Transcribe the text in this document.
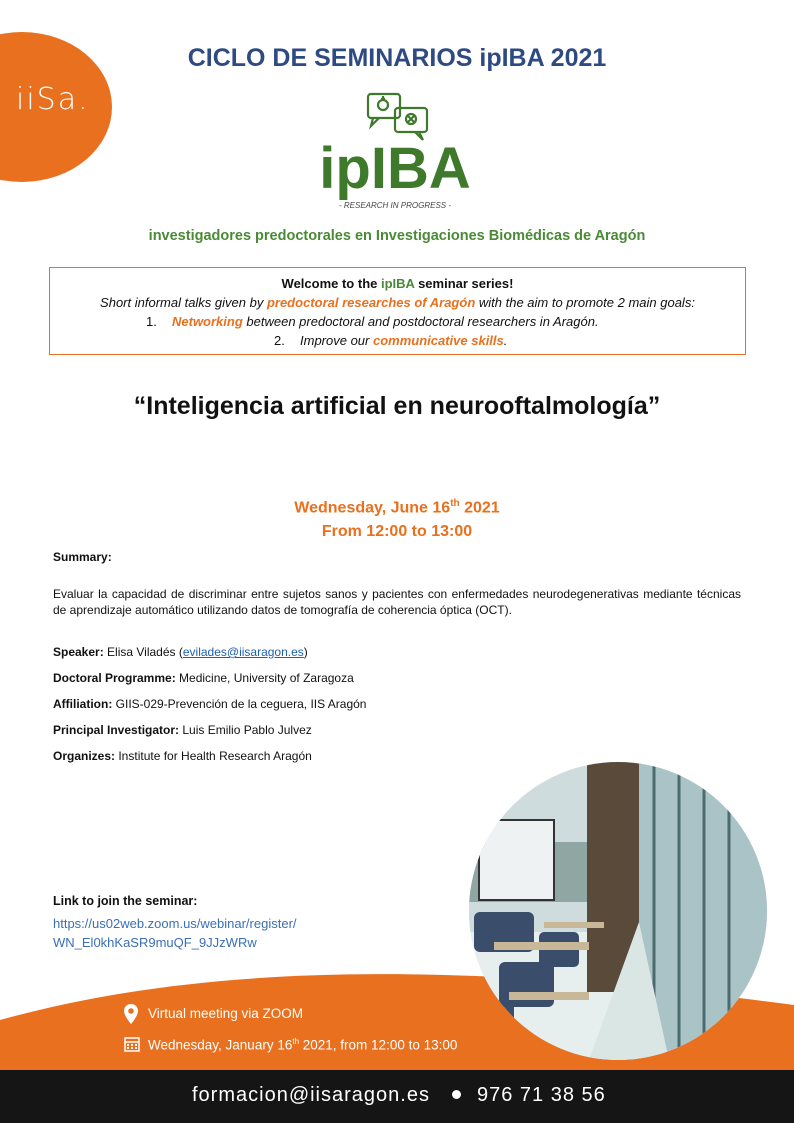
iiSa.
CICLO DE SEMINARIOS ipIBA 2021
ipIBA
- RESEARCH IN PROGRESS -
investigadores predoctorales en Investigaciones Biomédicas de Aragón
Welcome to the ipIBA seminar series!
Short informal talks given by predoctoral researches of Aragón with the aim to promote 2 main goals:
1. Networking between predoctoral and postdoctoral researchers in Aragón.
2. Improve our communicative skills.
“Inteligencia artificial en neurooftalmología”
Wednesday, June 16th 2021
From 12:00 to 13:00
Summary:
Evaluar la capacidad de discriminar entre sujetos sanos y pacientes con enfermedades neurodegenerativas mediante técnicas de aprendizaje automático utilizando datos de tomografía de coherencia óptica (OCT).
Speaker: Elisa Viladés (evilades@iisaragon.es)
Doctoral Programme: Medicine, University of Zaragoza
Affiliation: GIIS-029-Prevención de la ceguera, IIS Aragón
Principal Investigator: Luis Emilio Pablo Julvez
Organizes: Institute for Health Research Aragón
Link to join the seminar:
https://us02web.zoom.us/webinar/register/
WN_El0khKaSR9muQF_9JJzWRw
Virtual meeting via ZOOM
Wednesday, January 16th 2021, from 12:00 to 13:00
formacion@iisaragon.es 976 71 38 56
